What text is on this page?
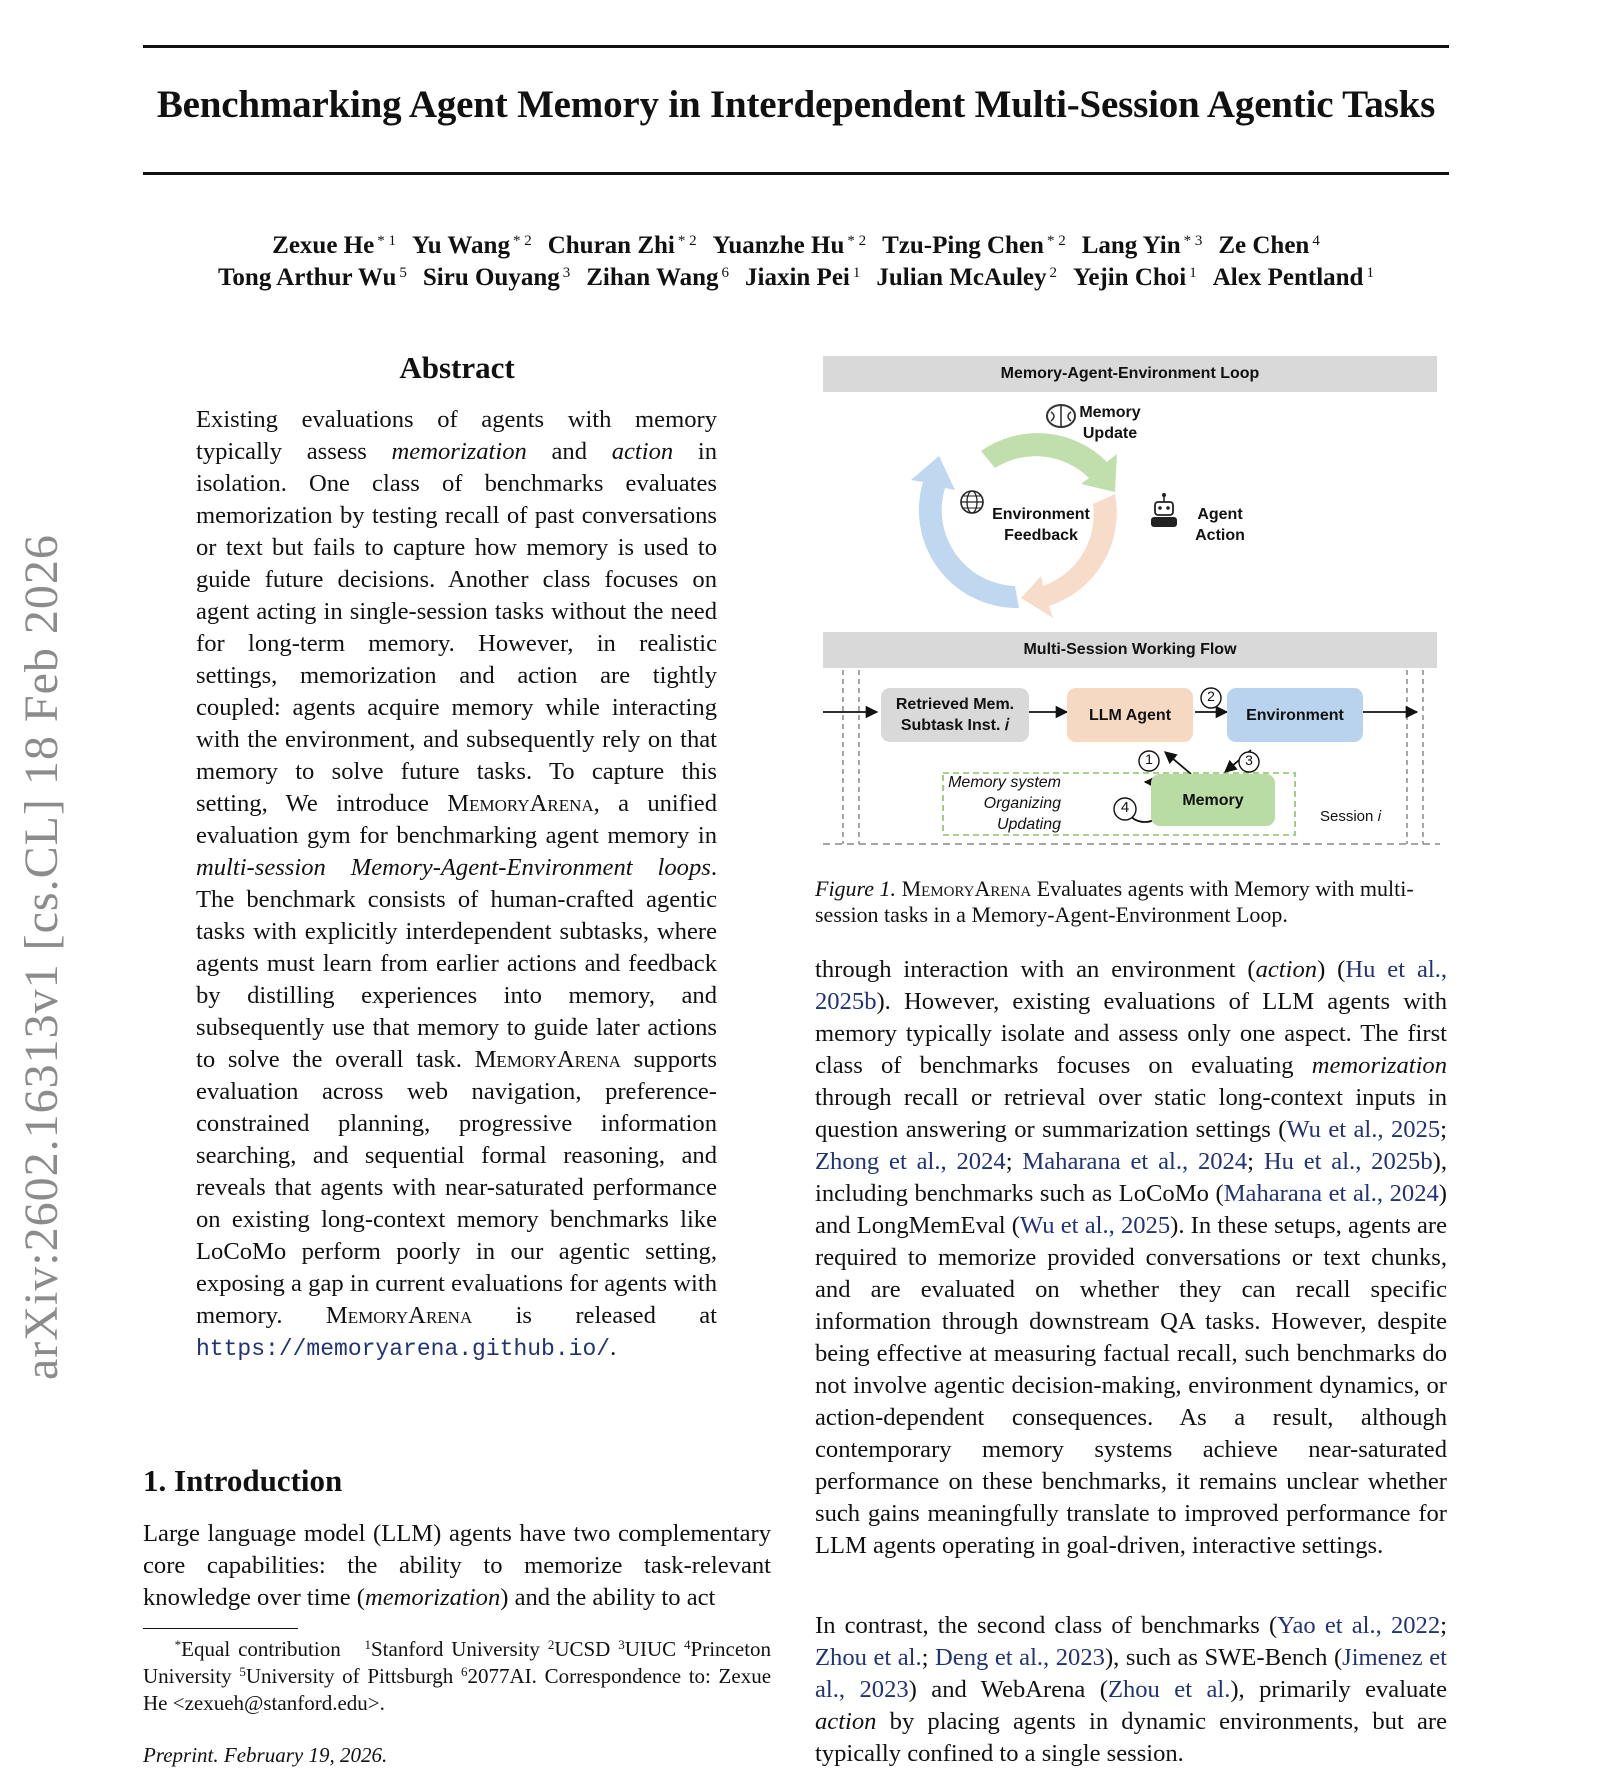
Benchmarking Agent Memory in Interdependent Multi-Session Agentic Tasks
Zexue He $^{* 1}$ Yu Wang $^{* 2}$ Churan Zhi $^{* 2}$ Yuanzhe Hu $^{* 2}$ Tzu-Ping Chen $^{* 2}$ Lang Yin $^{* 3}$ Ze Chen $^4$
Tong Arthur Wu $^5$ Siru Ouyang $^3$ Zihan Wang $^6$ Jiaxin Pei $^1$ Julian McAuley $^2$ Yejin Choi $^1$ Alex Pentland $^1$
arXiv:2602.16313v1 [cs.CL] 18 Feb 2026
Abstract
Existing evaluations of agents with memory typically assess memorization and action in isolation. One class of benchmarks evaluates memorization by testing recall of past conversations or text but fails to capture how memory is used to guide future decisions. Another class focuses on agent acting in single-session tasks without the need for long-term memory. However, in realistic settings, memorization and action are tightly coupled: agents acquire memory while interacting with the environment, and subsequently rely on that memory to solve future tasks. To capture this setting, We introduce MemoryArena, a unified evaluation gym for benchmarking agent memory in multi-session Memory-Agent-Environment loops. The benchmark consists of human-crafted agentic tasks with explicitly interdependent subtasks, where agents must learn from earlier actions and feedback by distilling experiences into memory, and subsequently use that memory to guide later actions to solve the overall task. MemoryArena supports evaluation across web navigation, preference-constrained planning, progressive information searching, and sequential formal reasoning, and reveals that agents with near-saturated performance on existing long-context memory benchmarks like LoCoMo perform poorly in our agentic setting, exposing a gap in current evaluations for agents with memory. MemoryArena is released at https://memoryarena.github.io/.
1. Introduction
Large language model (LLM) agents have two complementary core capabilities: the ability to memorize task-relevant knowledge over time (memorization) and the ability to act
*Equal contribution $^1$Stanford University $^2$UCSD $^3$UIUC $^4$Princeton University $^5$University of Pittsburgh $^6$2077AI. Correspondence to: Zexue He <zexueh@stanford.edu>.
Preprint. February 19, 2026.
Memory-Agent-Environment Loop
Memory
Update
Environment
Feedback
Agent
Action
Multi-Session Working Flow
1
2
3
4
Retrieved Mem.
Subtask Inst. 𝑖
LLM Agent	Environment
Memory
Memory system
Organizing
Updating	Session 𝑖
Figure 1. MemoryArena Evaluates agents with Memory with multi-session tasks in a Memory-Agent-Environment Loop.
through interaction with an environment (action) (Hu et al., 2025b). However, existing evaluations of LLM agents with memory typically isolate and assess only one aspect. The first class of benchmarks focuses on evaluating memorization through recall or retrieval over static long-context inputs in question answering or summarization settings (Wu et al., 2025; Zhong et al., 2024; Maharana et al., 2024; Hu et al., 2025b), including benchmarks such as LoCoMo (Maharana et al., 2024) and LongMemEval (Wu et al., 2025). In these setups, agents are required to memorize provided conversations or text chunks, and are evaluated on whether they can recall specific information through downstream QA tasks. However, despite being effective at measuring factual recall, such benchmarks do not involve agentic decision-making, environment dynamics, or action-dependent consequences. As a result, although contemporary memory systems achieve near-saturated performance on these benchmarks, it remains unclear whether such gains meaningfully translate to improved performance for LLM agents operating in goal-driven, interactive settings.
In contrast, the second class of benchmarks (Yao et al., 2022; Zhou et al.; Deng et al., 2023), such as SWE-Bench (Jimenez et al., 2023) and WebArena (Zhou et al.), primarily evaluate action by placing agents in dynamic environments, but are typically confined to a single session.
